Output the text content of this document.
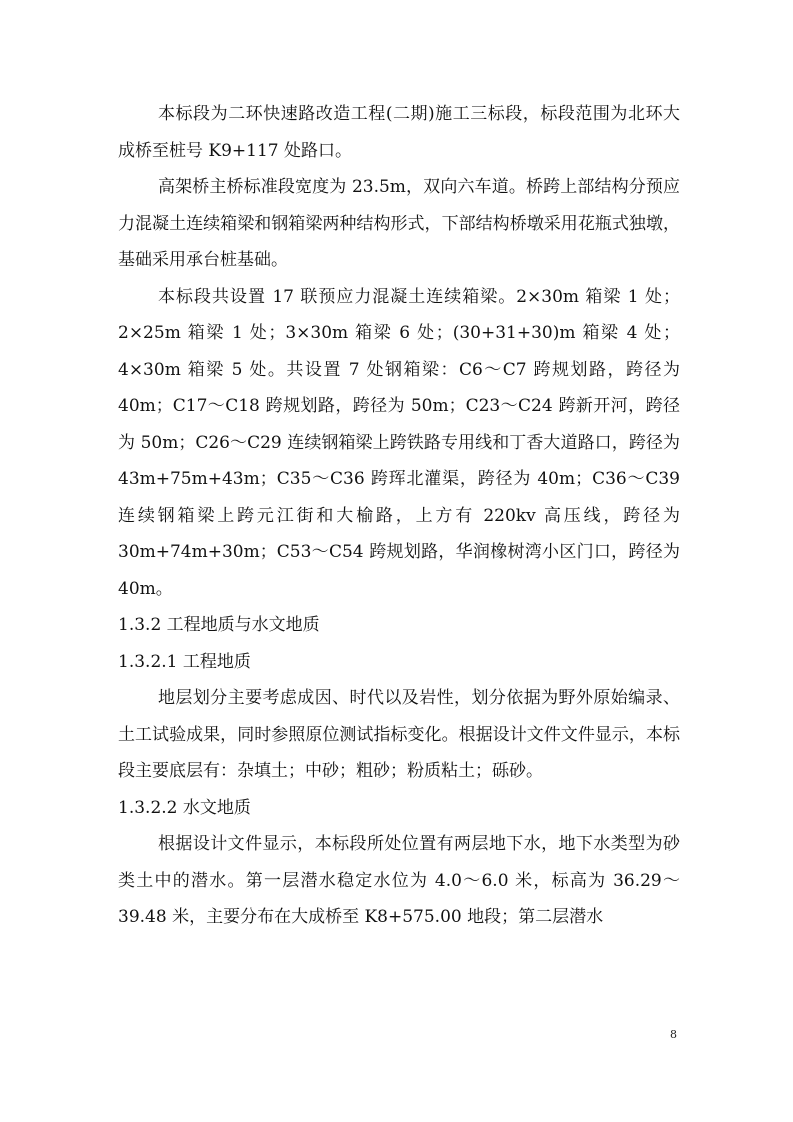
本标段为二环快速路改造工程(二期)施工三标段，标段范围为北环大成桥至桩号 K9+117 处路口。

高架桥主桥标准段宽度为 23.5m，双向六车道。桥跨上部结构分预应力混凝土连续箱梁和钢箱梁两种结构形式，下部结构桥墩采用花瓶式独墩，基础采用承台桩基础。

本标段共设置 17 联预应力混凝土连续箱梁。2×30m 箱梁 1 处；2×25m 箱梁 1 处；3×30m 箱梁 6 处；(30+31+30)m 箱梁 4 处；4×30m 箱梁 5 处。共设置 7 处钢箱梁：C6～C7 跨规划路，跨径为 40m；C17～C18 跨规划路，跨径为 50m；C23～C24 跨新开河，跨径为 50m；C26～C29 连续钢箱梁上跨铁路专用线和丁香大道路口，跨径为 43m+75m+43m；C35～C36 跨珲北灌渠，跨径为 40m；C36～C39 连续钢箱梁上跨元江街和大榆路，上方有 220kv 高压线，跨径为 30m+74m+30m；C53～C54 跨规划路，华润橡树湾小区门口，跨径为 40m。

1.3.2 工程地质与水文地质

1.3.2.1 工程地质

地层划分主要考虑成因、时代以及岩性，划分依据为野外原始编录、土工试验成果，同时参照原位测试指标变化。根据设计文件文件显示，本标段主要底层有：杂填土；中砂；粗砂；粉质粘土；砾砂。

1.3.2.2 水文地质

根据设计文件显示，本标段所处位置有两层地下水，地下水类型为砂类土中的潜水。第一层潜水稳定水位为 4.0～6.0 米，标高为 36.29～39.48 米，主要分布在大成桥至 K8+575.00 地段；第二层潜水

8
